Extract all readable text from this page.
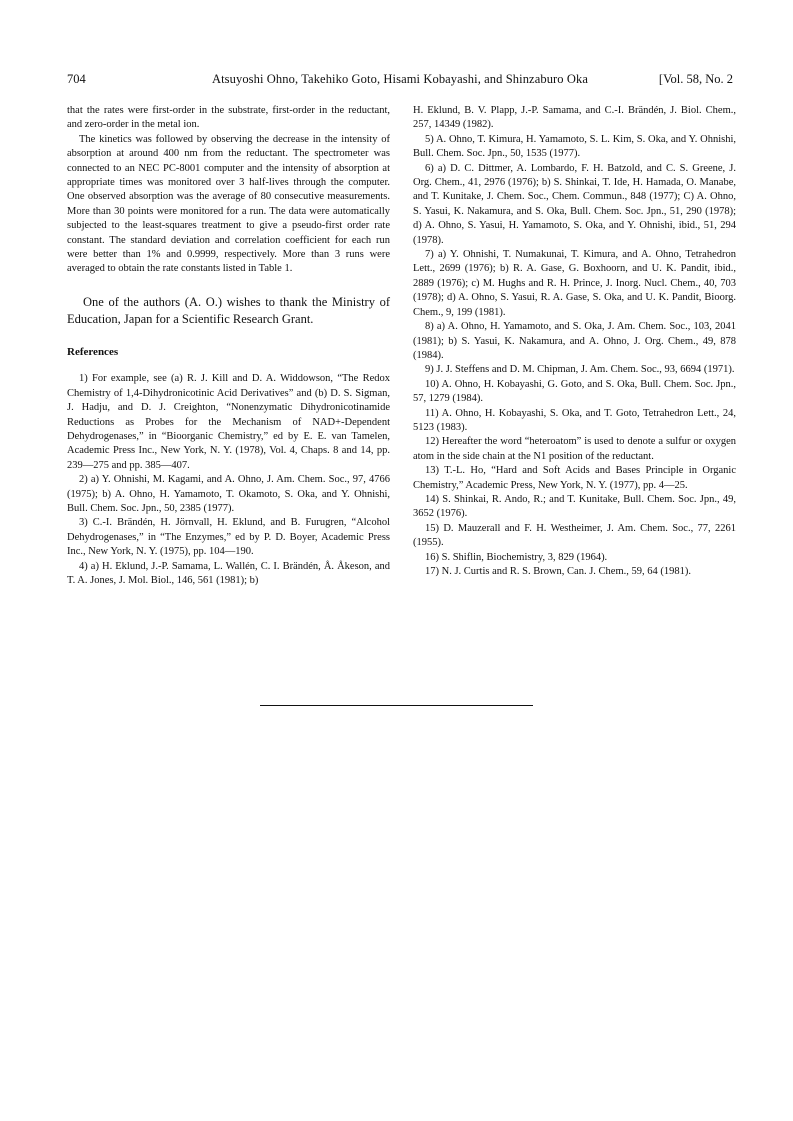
704	Atsuyoshi Ohno, Takehiko Goto, Hisami Kobayashi, and Shinzaburo Oka	[Vol. 58, No. 2

that the rates were first-order in the substrate, first-order in the reductant, and zero-order in the metal ion.

The kinetics was followed by observing the decrease in the intensity of absorption at around 400 nm from the reductant. The spectrometer was connected to an NEC PC-8001 computer and the intensity of absorption at appropriate times was monitored over 3 half-lives through the computer. One observed absorption was the average of 80 consecutive measurements. More than 30 points were monitored for a run. The data were automatically subjected to the least-squares treatment to give a pseudo-first order rate constant. The standard deviation and correlation coefficient for each run were better than 1% and 0.9999, respectively. More than 3 runs were averaged to obtain the rate constants listed in Table 1.

One of the authors (A. O.) wishes to thank the Ministry of Education, Japan for a Scientific Research Grant.

References

1) For example, see (a) R. J. Kill and D. A. Widdowson, “The Redox Chemistry of 1,4-Dihydronicotinic Acid Derivatives” and (b) D. S. Sigman, J. Hadju, and D. J. Creighton, “Nonenzymatic Dihydronicotinamide Reductions as Probes for the Mechanism of NAD+-Dependent Dehydrogenases,” in “Bioorganic Chemistry,” ed by E. E. van Tamelen, Academic Press Inc., New York, N. Y. (1978), Vol. 4, Chaps. 8 and 14, pp. 239—275 and pp. 385—407.

2) a) Y. Ohnishi, M. Kagami, and A. Ohno, J. Am. Chem. Soc., 97, 4766 (1975); b) A. Ohno, H. Yamamoto, T. Okamoto, S. Oka, and Y. Ohnishi, Bull. Chem. Soc. Jpn., 50, 2385 (1977).

3) C.-I. Brändén, H. Jörnvall, H. Eklund, and B. Furugren, “Alcohol Dehydrogenases,” in “The Enzymes,” ed by P. D. Boyer, Academic Press Inc., New York, N. Y. (1975), pp. 104—190.

4) a) H. Eklund, J.-P. Samama, L. Wallén, C. I. Brändén, Å. Åkeson, and T. A. Jones, J. Mol. Biol., 146, 561 (1981); b)

H. Eklund, B. V. Plapp, J.-P. Samama, and C.-I. Brändén, J. Biol. Chem., 257, 14349 (1982).

5) A. Ohno, T. Kimura, H. Yamamoto, S. L. Kim, S. Oka, and Y. Ohnishi, Bull. Chem. Soc. Jpn., 50, 1535 (1977).

6) a) D. C. Dittmer, A. Lombardo, F. H. Batzold, and C. S. Greene, J. Org. Chem., 41, 2976 (1976); b) S. Shinkai, T. Ide, H. Hamada, O. Manabe, and T. Kunitake, J. Chem. Soc., Chem. Commun., 848 (1977); C) A. Ohno, S. Yasui, K. Nakamura, and S. Oka, Bull. Chem. Soc. Jpn., 51, 290 (1978); d) A. Ohno, S. Yasui, H. Yamamoto, S. Oka, and Y. Ohnishi, ibid., 51, 294 (1978).

7) a) Y. Ohnishi, T. Numakunai, T. Kimura, and A. Ohno, Tetrahedron Lett., 2699 (1976); b) R. A. Gase, G. Boxhoorn, and U. K. Pandit, ibid., 2889 (1976); c) M. Hughs and R. H. Prince, J. Inorg. Nucl. Chem., 40, 703 (1978); d) A. Ohno, S. Yasui, R. A. Gase, S. Oka, and U. K. Pandit, Bioorg. Chem., 9, 199 (1981).

8) a) A. Ohno, H. Yamamoto, and S. Oka, J. Am. Chem. Soc., 103, 2041 (1981); b) S. Yasui, K. Nakamura, and A. Ohno, J. Org. Chem., 49, 878 (1984).

9) J. J. Steffens and D. M. Chipman, J. Am. Chem. Soc., 93, 6694 (1971).

10) A. Ohno, H. Kobayashi, G. Goto, and S. Oka, Bull. Chem. Soc. Jpn., 57, 1279 (1984).

11) A. Ohno, H. Kobayashi, S. Oka, and T. Goto, Tetrahedron Lett., 24, 5123 (1983).

12) Hereafter the word “heteroatom” is used to denote a sulfur or oxygen atom in the side chain at the N1 position of the reductant.

13) T.-L. Ho, “Hard and Soft Acids and Bases Principle in Organic Chemistry,” Academic Press, New York, N. Y. (1977), pp. 4—25.

14) S. Shinkai, R. Ando, R.; and T. Kunitake, Bull. Chem. Soc. Jpn., 49, 3652 (1976).

15) D. Mauzerall and F. H. Westheimer, J. Am. Chem. Soc., 77, 2261 (1955).

16) S. Shiflin, Biochemistry, 3, 829 (1964).

17) N. J. Curtis and R. S. Brown, Can. J. Chem., 59, 64 (1981).
